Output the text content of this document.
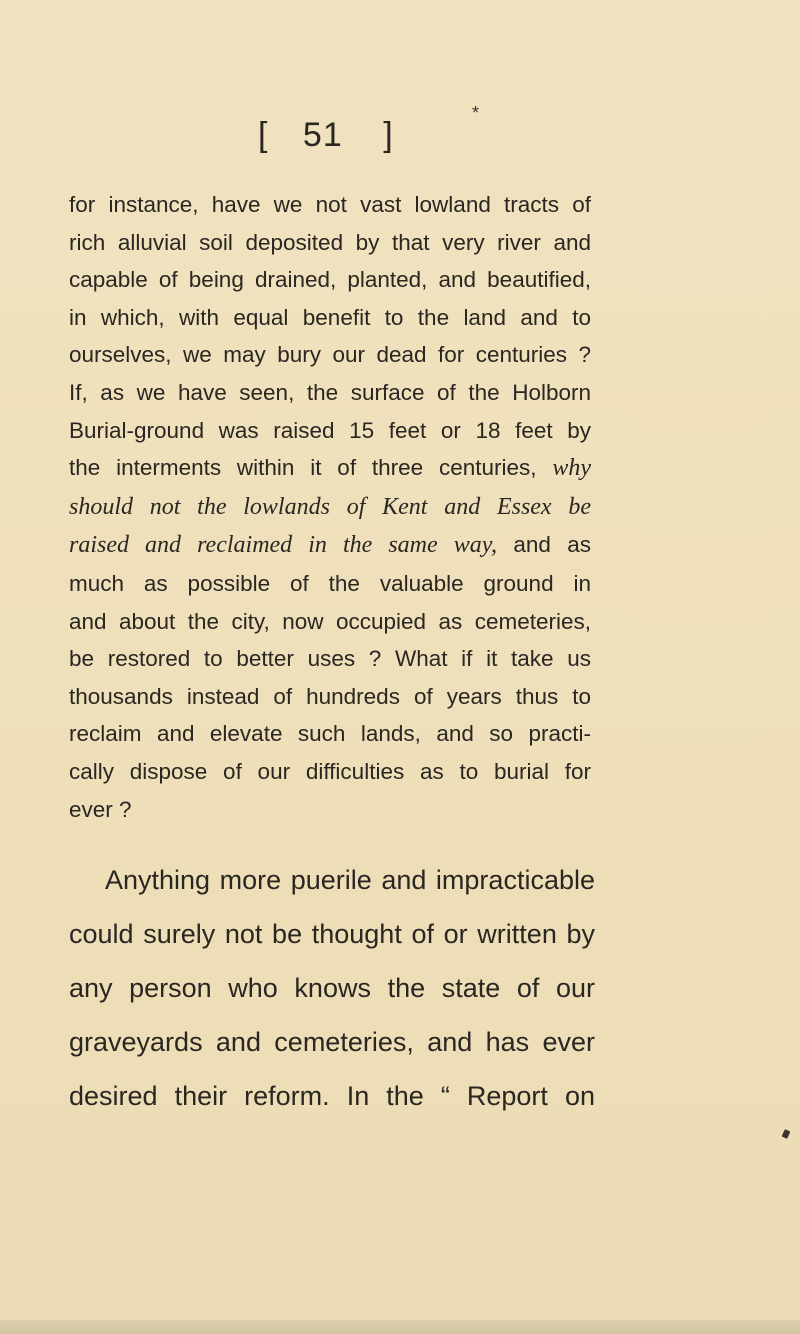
[ 51 ]
*
for instance, have we not vast lowland tracts of
rich alluvial soil deposited by that very river and
capable of being drained, planted, and beautified,
in which, with equal benefit to the land and to
ourselves, we may bury our dead for centuries ?
If, as we have seen, the surface of the Holborn
Burial-ground was raised 15 feet or 18 feet by
the interments within it of three centuries, why
should not the lowlands of Kent and Essex be
raised and reclaimed in the same way, and as
much as possible of the valuable ground in
and about the city, now occupied as cemeteries,
be restored to better uses ? What if it take us
thousands instead of hundreds of years thus to
reclaim and elevate such lands, and so practi-
cally dispose of our difficulties as to burial for
ever ?
Anything more puerile and impracticable
could surely not be thought of or written by
any person who knows the state of our
graveyards and cemeteries, and has ever
desired their reform. In the “ Report on
